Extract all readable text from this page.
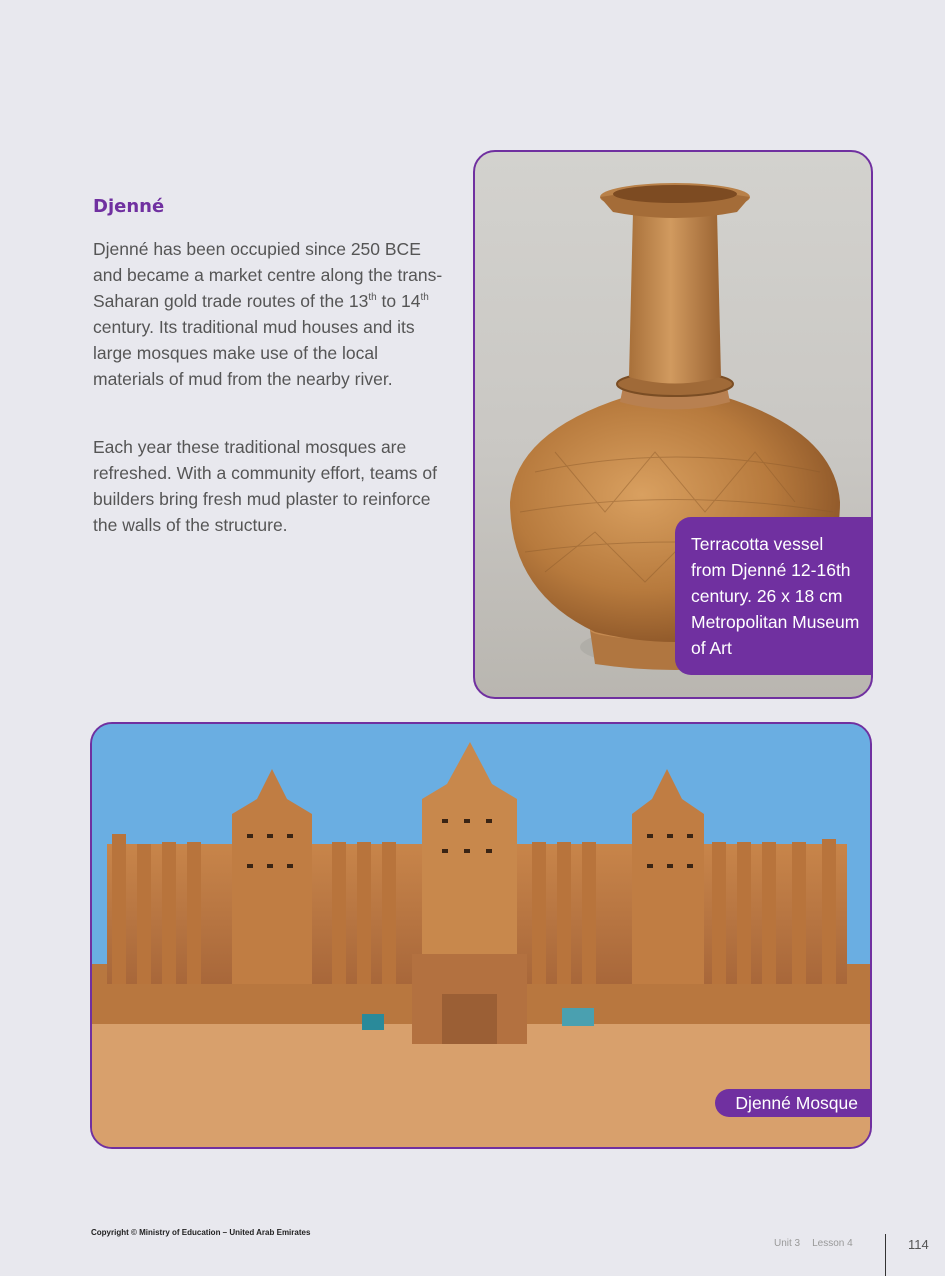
Djenné

Djenné has been occupied since 250 BCE and became a market centre along the trans-Saharan gold trade routes of the 13th to 14th century. Its traditional mud houses and its large mosques make use of the local materials of mud from the nearby river.

Each year these traditional mosques are refreshed. With a community effort, teams of builders bring fresh mud plaster to reinforce the walls of the structure.

Terracotta vessel from Djenné 12-16th century. 26 x 18 cm Metropolitan Museum of Art
Djenné Mosque
Copyright © Ministry of Education – United Arab Emirates
Unit 3 Lesson 4	114
